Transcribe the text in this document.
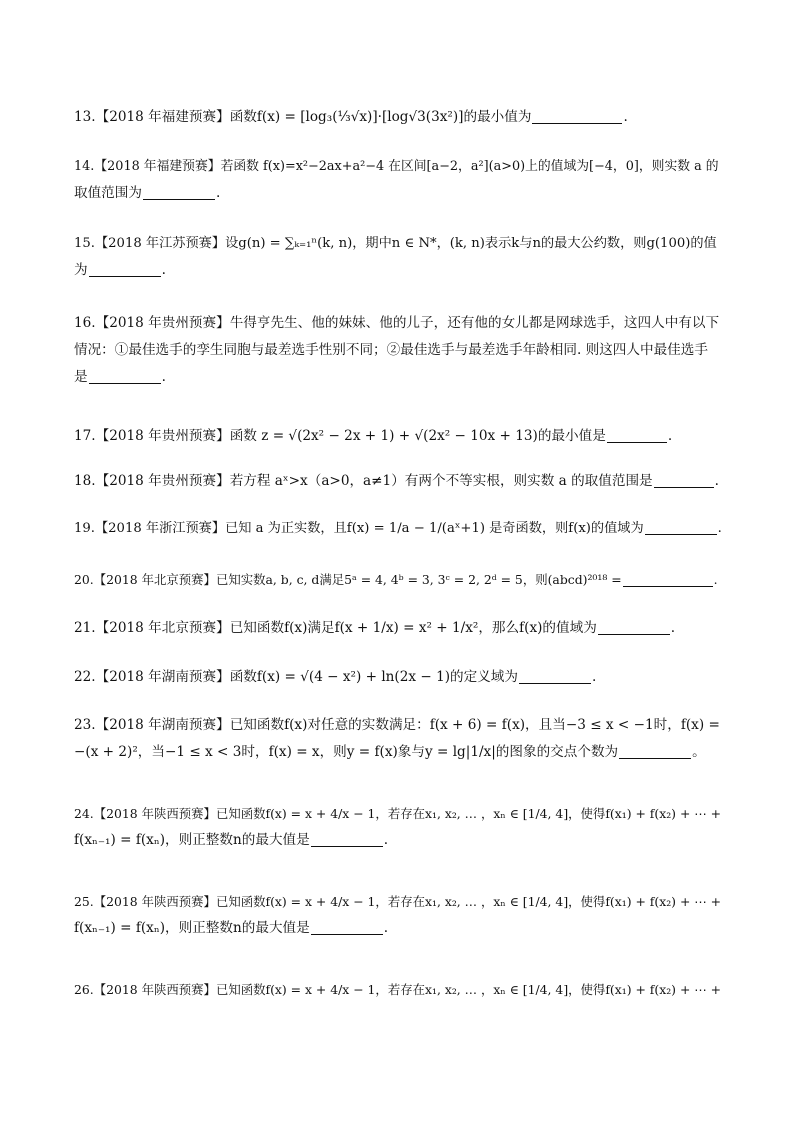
13.【2018 年福建预赛】函数f(x) = [log₃(⅓√x)]·[log√3(3x²)]的最小值为	.
14.【2018 年福建预赛】若函数 f(x)=x²−2ax+a²−4 在区间[a−2，a²](a>0)上的值域为[−4，0]，则实数 a 的
取值范围为	.
15.【2018 年江苏预赛】设g(n) = ∑ₖ₌₁ⁿ(k, n)，期中n ∈ N*，(k, n)表示k与n的最大公约数，则g(100)的值
为	.
16.【2018 年贵州预赛】牛得亨先生、他的妹妹、他的儿子，还有他的女儿都是网球选手，这四人中有以下
情况：①最佳选手的孪生同胞与最差选手性别不同；②最佳选手与最差选手年龄相同. 则这四人中最佳选手
是	.
17.【2018 年贵州预赛】函数 z = √(2x² − 2x + 1) + √(2x² − 10x + 13)的最小值是	.
18.【2018 年贵州预赛】若方程 aˣ>x（a>0，a≠1）有两个不等实根，则实数 a 的取值范围是	.
19.【2018 年浙江预赛】已知 a 为正实数，且f(x) = 1/a − 1/(aˣ+1) 是奇函数，则f(x)的值域为	.
20.【2018 年北京预赛】已知实数a, b, c, d满足5ᵃ = 4, 4ᵇ = 3, 3ᶜ = 2, 2ᵈ = 5，则(abcd)²⁰¹⁸ =	.
21.【2018 年北京预赛】已知函数f(x)满足f(x + 1/x) = x² + 1/x²，那么f(x)的值域为	.
22.【2018 年湖南预赛】函数f(x) = √(4 − x²) + ln(2x − 1)的定义域为	.
23.【2018 年湖南预赛】已知函数f(x)对任意的实数满足：f(x + 6) = f(x)，且当−3 ≤ x < −1时，f(x) =
−(x + 2)²，当−1 ≤ x < 3时，f(x) = x，则y = f(x)象与y = lg|1/x|的图象的交点个数为	。
24.【2018 年陕西预赛】已知函数f(x) = x + 4/x − 1，若存在x₁, x₂, … ，xₙ ∈ [1/4, 4]，使得f(x₁) + f(x₂) + ⋯ +
f(xₙ₋₁) = f(xₙ)，则正整数n的最大值是	.
25.【2018 年陕西预赛】已知函数f(x) = x + 4/x − 1，若存在x₁, x₂, … ，xₙ ∈ [1/4, 4]，使得f(x₁) + f(x₂) + ⋯ +
f(xₙ₋₁) = f(xₙ)，则正整数n的最大值是	.
26.【2018 年陕西预赛】已知函数f(x) = x + 4/x − 1，若存在x₁, x₂, … ，xₙ ∈ [1/4, 4]，使得f(x₁) + f(x₂) + ⋯ +
